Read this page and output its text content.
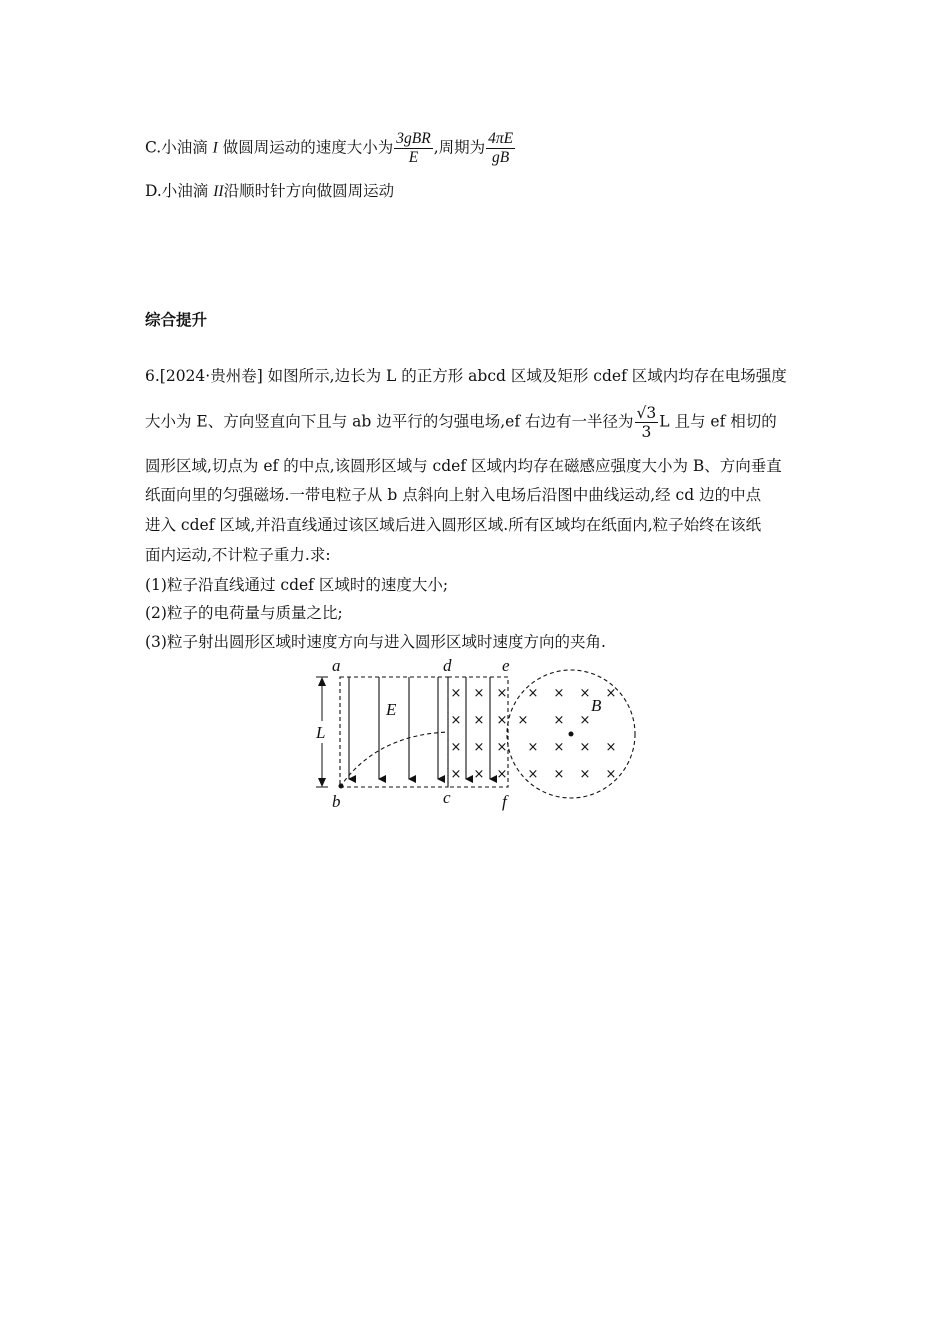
C.小油滴 I 做圆周运动的速度大小为 $\frac{\text{3gBR}}{E}$ ,周期为 $\frac{4\pi E}{gB}$
D.小油滴 II沿顺时针方向做圆周运动
综合提升
6.[2024·贵州卷] 如图所示,边长为 L 的正方形 abcd 区域及矩形 cdef 区域内均存在电场强度
大小为 E、方向竖直向下且与 ab 边平行的匀强电场,ef 右边有一半径为 $\frac{√3}{3}$ L 且与 ef 相切的
圆形区域,切点为 ef 的中点,该圆形区域与 cdef 区域内均存在磁感应强度大小为 B、方向垂直
纸面向里的匀强磁场.一带电粒子从 b 点斜向上射入电场后沿图中曲线运动,经 cd 边的中点
进入 cdef 区域,并沿直线通过该区域后进入圆形区域.所有区域均在纸面内,粒子始终在该纸
面内运动,不计粒子重力.求:
(1)粒子沿直线通过 cdef 区域时的速度大小;
(2)粒子的电荷量与质量之比;
(3)粒子射出圆形区域时速度方向与进入圆形区域时速度方向的夹角.
L
E
× × ×
× × ×
× × ×
× × ×
× × × ×
× × ×
× × × ×
× × × ×
B
a	d	e
b	c	f
